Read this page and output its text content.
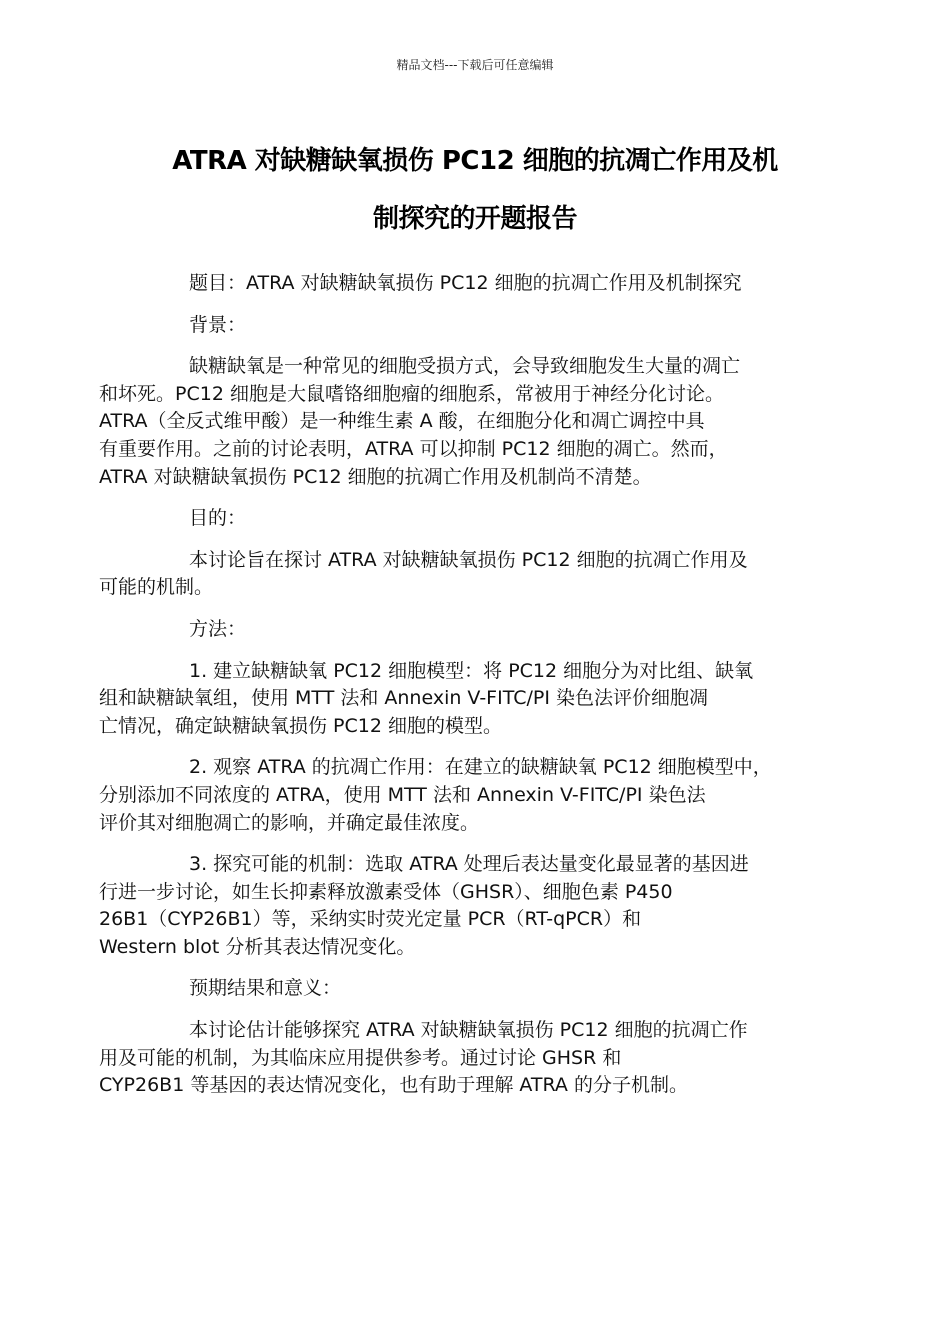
精品文档---下载后可任意编辑
ATRA 对缺糖缺氧损伤 PC12 细胞的抗凋亡作用及机
制探究的开题报告

题目：ATRA 对缺糖缺氧损伤 PC12 细胞的抗凋亡作用及机制探究

背景：

缺糖缺氧是一种常见的细胞受损方式，会导致细胞发生大量的凋亡
和坏死。PC12 细胞是大鼠嗜铬细胞瘤的细胞系，常被用于神经分化讨论。
ATRA（全反式维甲酸）是一种维生素 A 酸，在细胞分化和凋亡调控中具
有重要作用。之前的讨论表明，ATRA 可以抑制 PC12 细胞的凋亡。然而，
ATRA 对缺糖缺氧损伤 PC12 细胞的抗凋亡作用及机制尚不清楚。

目的：

本讨论旨在探讨 ATRA 对缺糖缺氧损伤 PC12 细胞的抗凋亡作用及
可能的机制。

方法：

1. 建立缺糖缺氧 PC12 细胞模型：将 PC12 细胞分为对比组、缺氧
组和缺糖缺氧组，使用 MTT 法和 Annexin V-FITC/PI 染色法评价细胞凋
亡情况，确定缺糖缺氧损伤 PC12 细胞的模型。

2. 观察 ATRA 的抗凋亡作用：在建立的缺糖缺氧 PC12 细胞模型中，
分别添加不同浓度的 ATRA，使用 MTT 法和 Annexin V-FITC/PI 染色法
评价其对细胞凋亡的影响，并确定最佳浓度。

3. 探究可能的机制：选取 ATRA 处理后表达量变化最显著的基因进
行进一步讨论，如生长抑素释放激素受体（GHSR）、细胞色素 P450
26B1（CYP26B1）等，采纳实时荧光定量 PCR（RT-qPCR）和
Western blot 分析其表达情况变化。

预期结果和意义：

本讨论估计能够探究 ATRA 对缺糖缺氧损伤 PC12 细胞的抗凋亡作
用及可能的机制，为其临床应用提供参考。通过讨论 GHSR 和
CYP26B1 等基因的表达情况变化，也有助于理解 ATRA 的分子机制。
